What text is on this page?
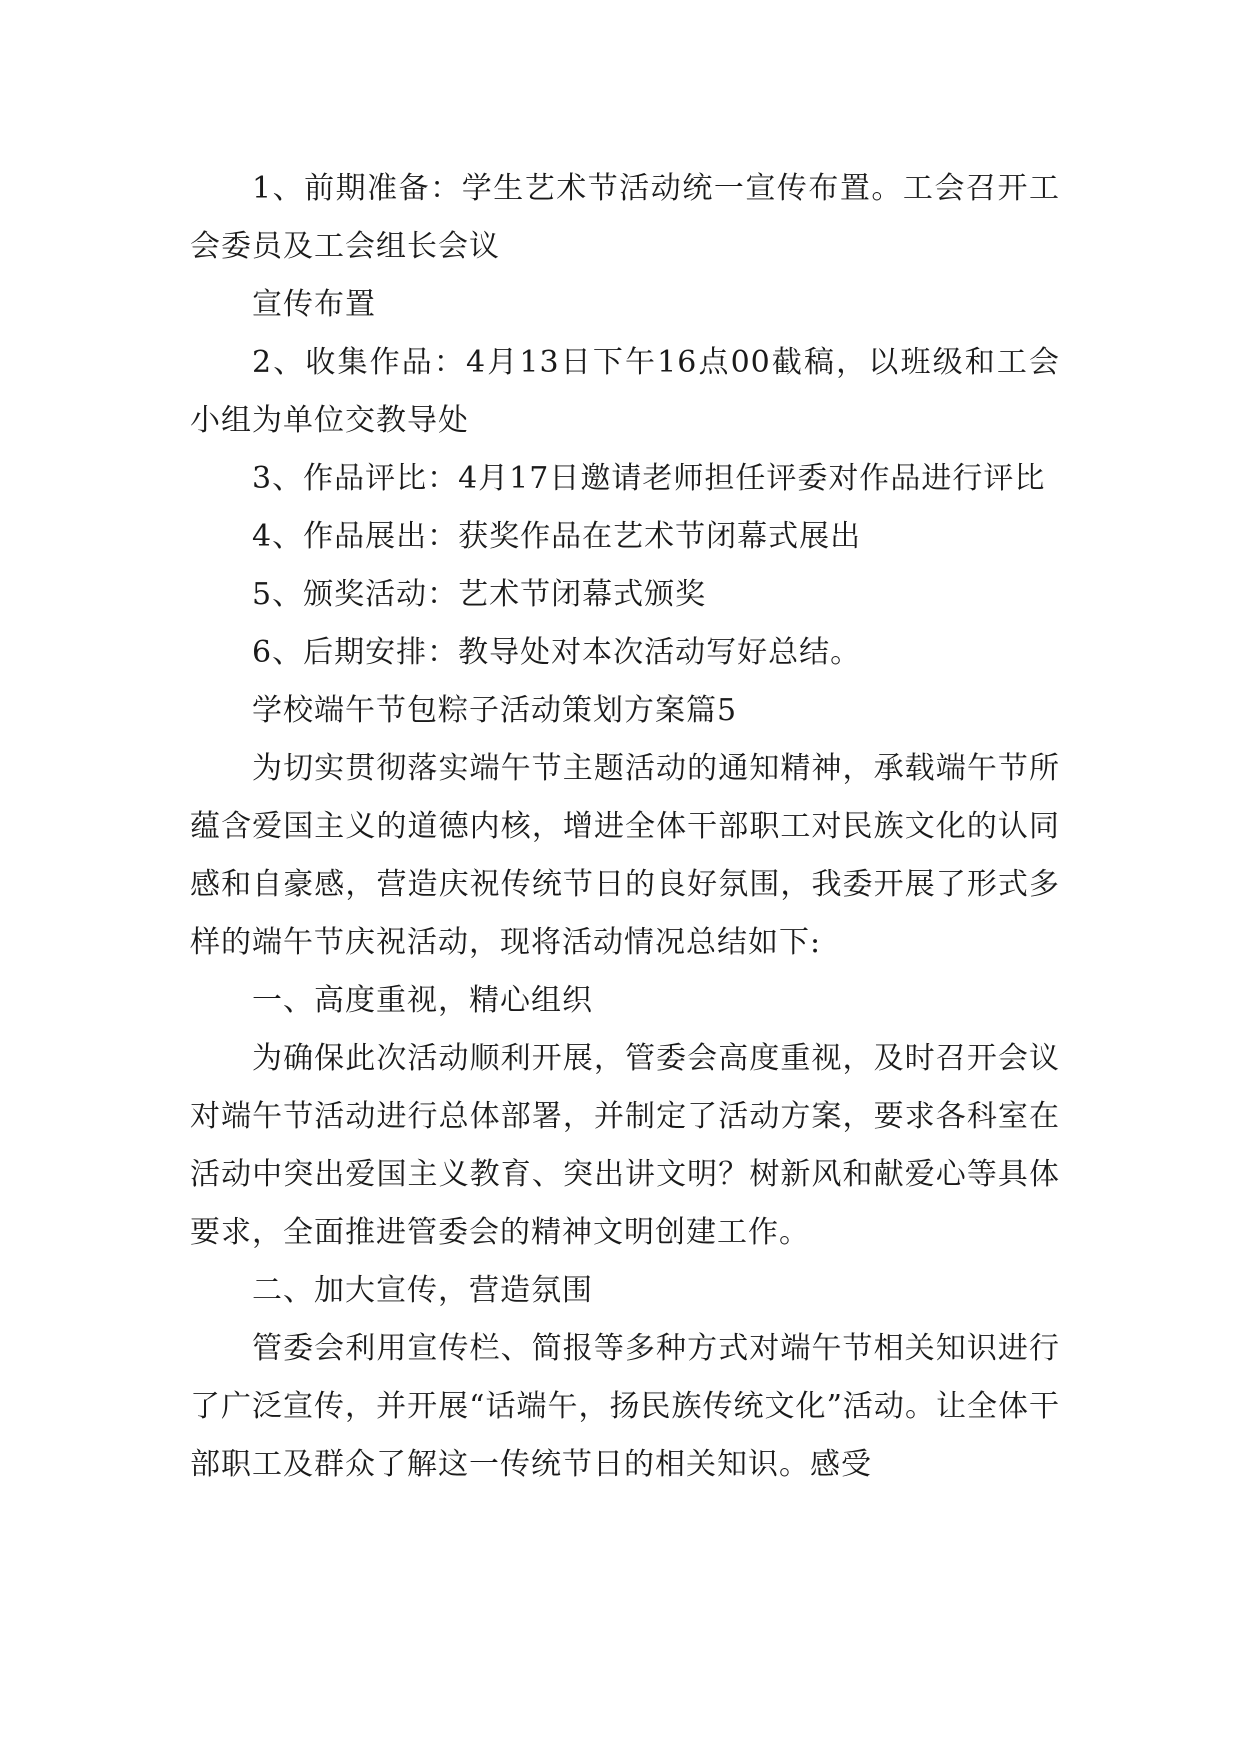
1、前期准备：学生艺术节活动统一宣传布置。工会召开工会委员及工会组长会议

宣传布置

2、收集作品：4月13日下午16点00截稿，以班级和工会小组为单位交教导处

3、作品评比：4月17日邀请老师担任评委对作品进行评比

4、作品展出：获奖作品在艺术节闭幕式展出

5、颁奖活动：艺术节闭幕式颁奖

6、后期安排：教导处对本次活动写好总结。

学校端午节包粽子活动策划方案篇5

为切实贯彻落实端午节主题活动的通知精神，承载端午节所蕴含爱国主义的道德内核，增进全体干部职工对民族文化的认同感和自豪感，营造庆祝传统节日的良好氛围，我委开展了形式多样的端午节庆祝活动，现将活动情况总结如下:

一、高度重视，精心组织

为确保此次活动顺利开展，管委会高度重视，及时召开会议对端午节活动进行总体部署，并制定了活动方案，要求各科室在活动中突出爱国主义教育、突出讲文明？树新风和献爱心等具体要求，全面推进管委会的精神文明创建工作。

二、加大宣传，营造氛围

管委会利用宣传栏、简报等多种方式对端午节相关知识进行了广泛宣传，并开展“话端午，扬民族传统文化”活动。让全体干部职工及群众了解这一传统节日的相关知识。感受
